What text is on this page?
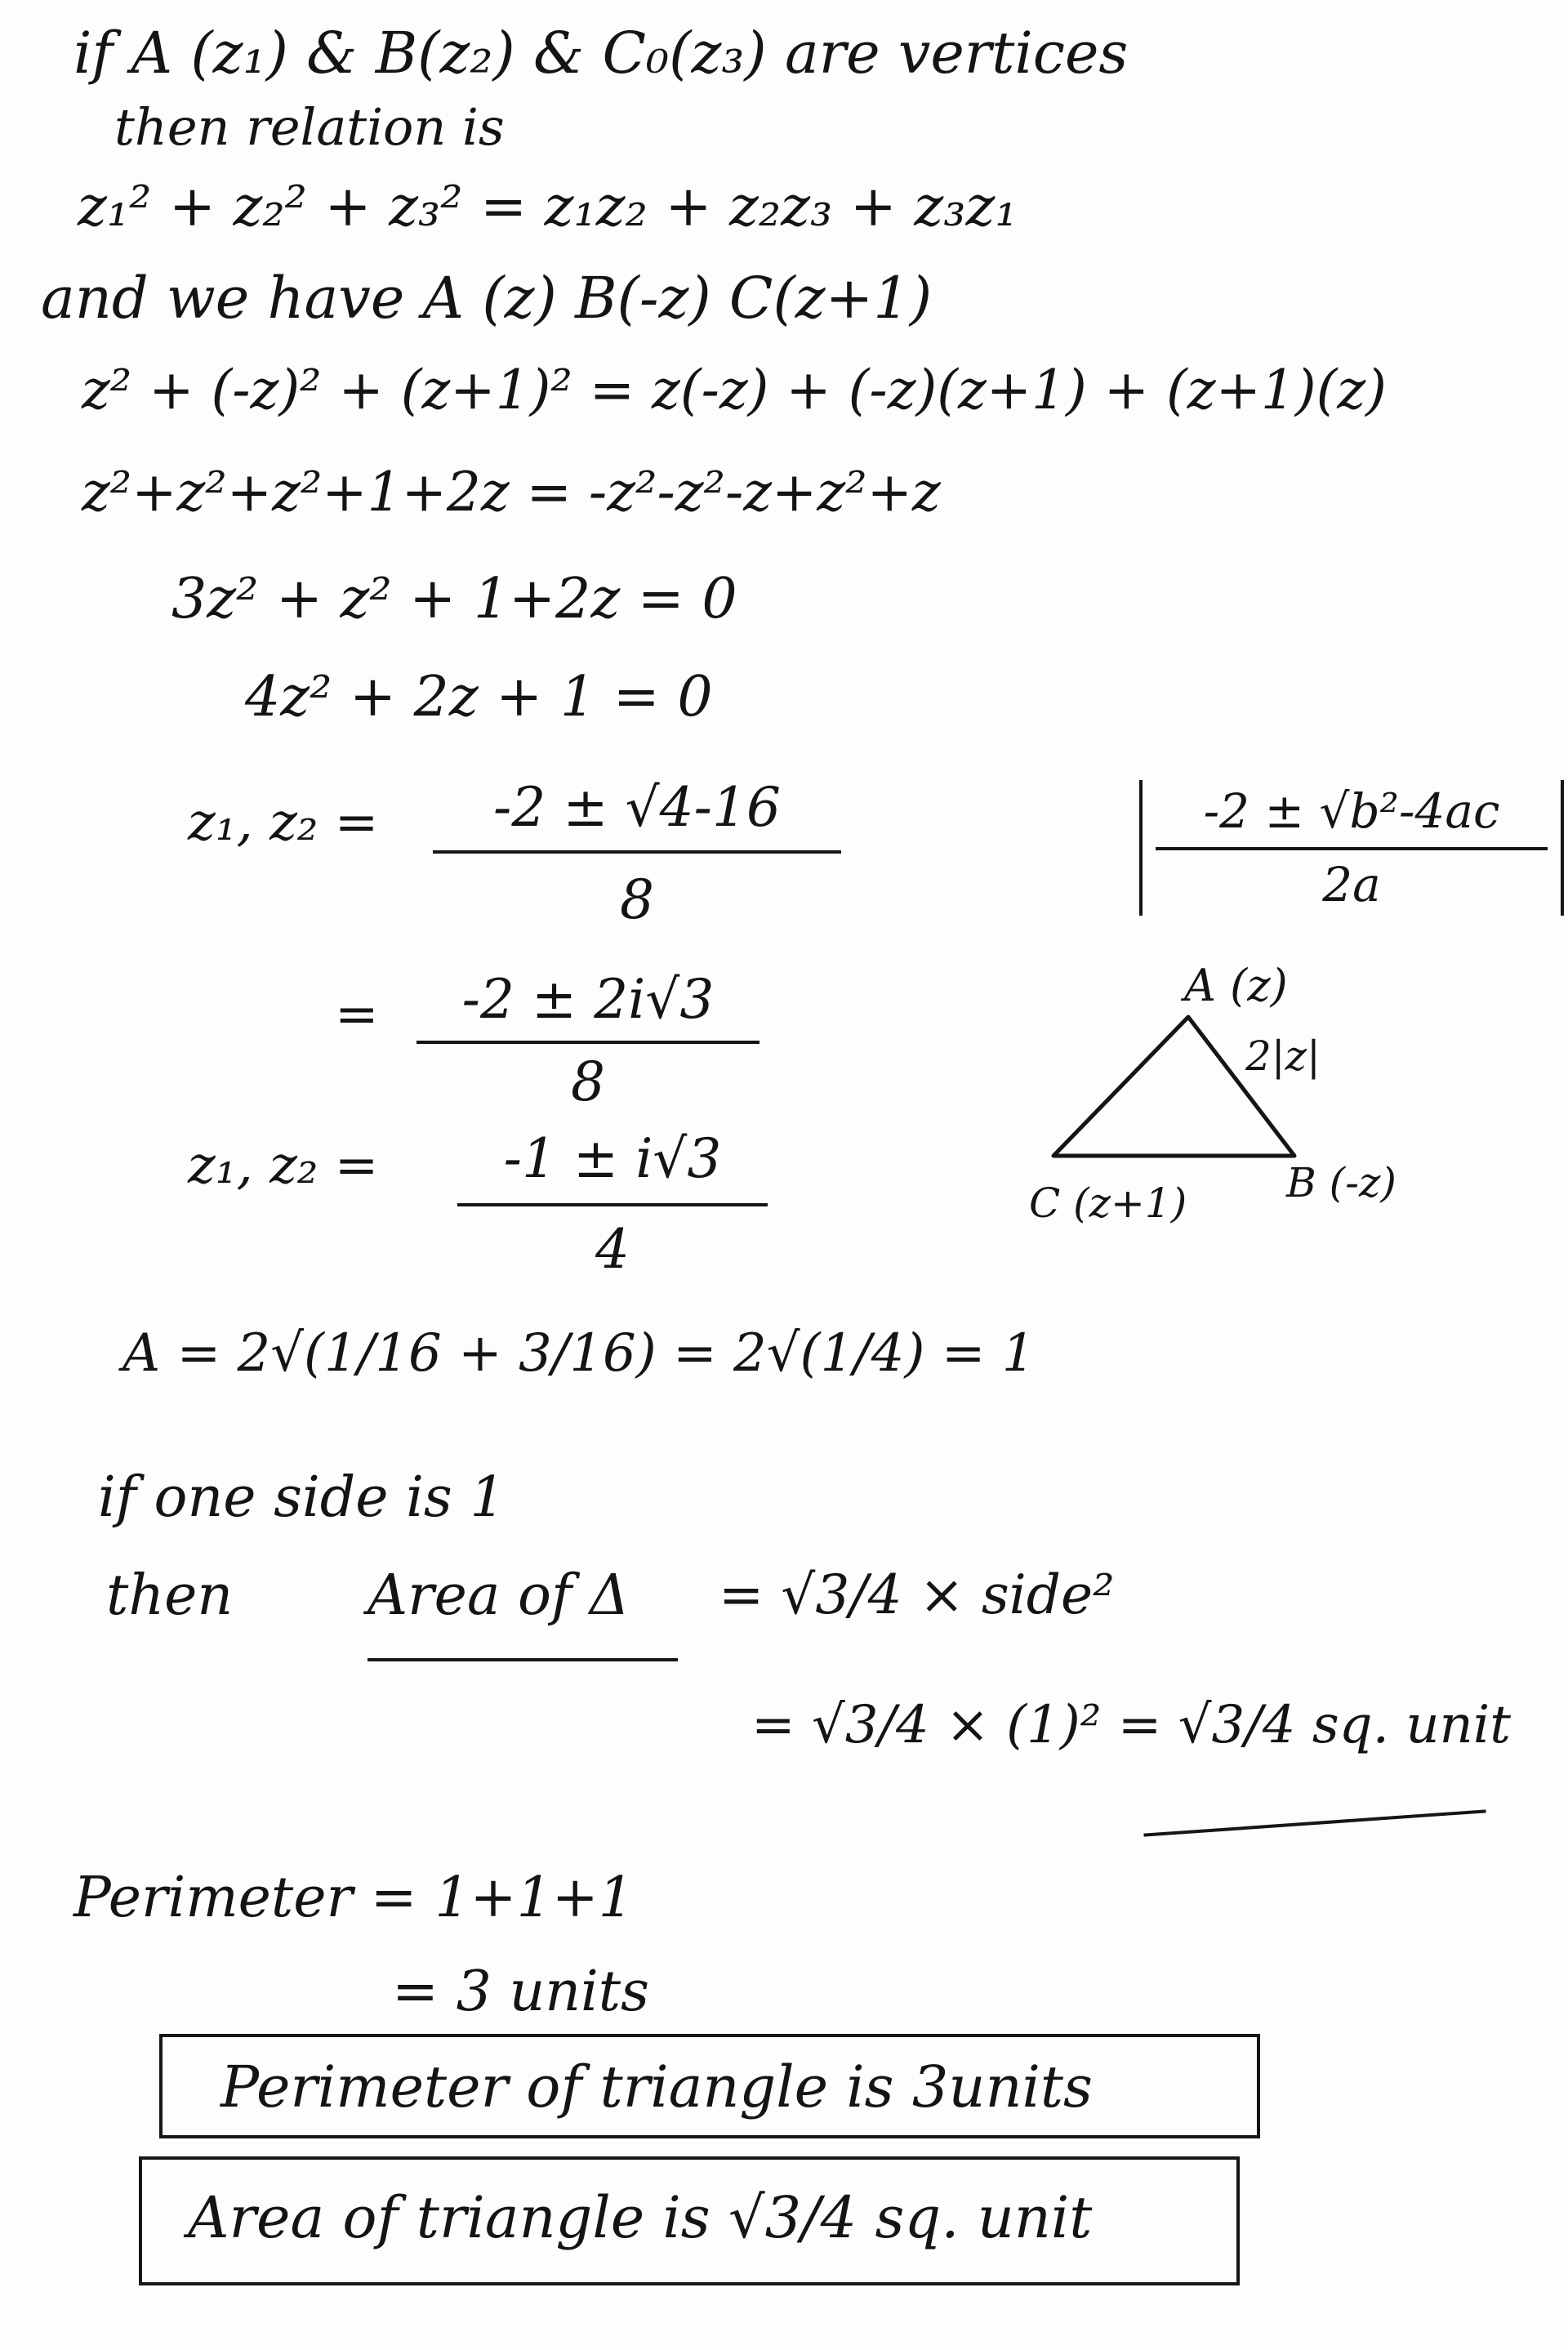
if A (z₁) & B(z₂) & C₀(z₃) are vertices
then relation is
z₁² + z₂² + z₃² = z₁z₂ + z₂z₃ + z₃z₁
and we have A (z) B(-z) C(z+1)
z² + (-z)² + (z+1)² = z(-z) + (-z)(z+1) + (z+1)(z)
z²+z²+z²+1+2z = -z²-z²-z+z²+z
3z² + z² + 1+2z = 0
4z² + 2z + 1 = 0
z₁, z₂ =	-2 ± √4-16
8
-2 ± √b²-4ac
2a
=	-2 ± 2i√3
8
z₁, z₂ =	-1 ± i√3
4
A (z)
2|z|
B (-z)
C (z+1)
A = 2√(1/16 + 3/16) = 2√(1/4) = 1
if one side is 1
then Area of Δ = √3/4 × side²
= √3/4 × (1)² = √3/4 sq. unit
Perimeter = 1+1+1
= 3 units
Perimeter of triangle is 3units
Area of triangle is √3/4 sq. unit
